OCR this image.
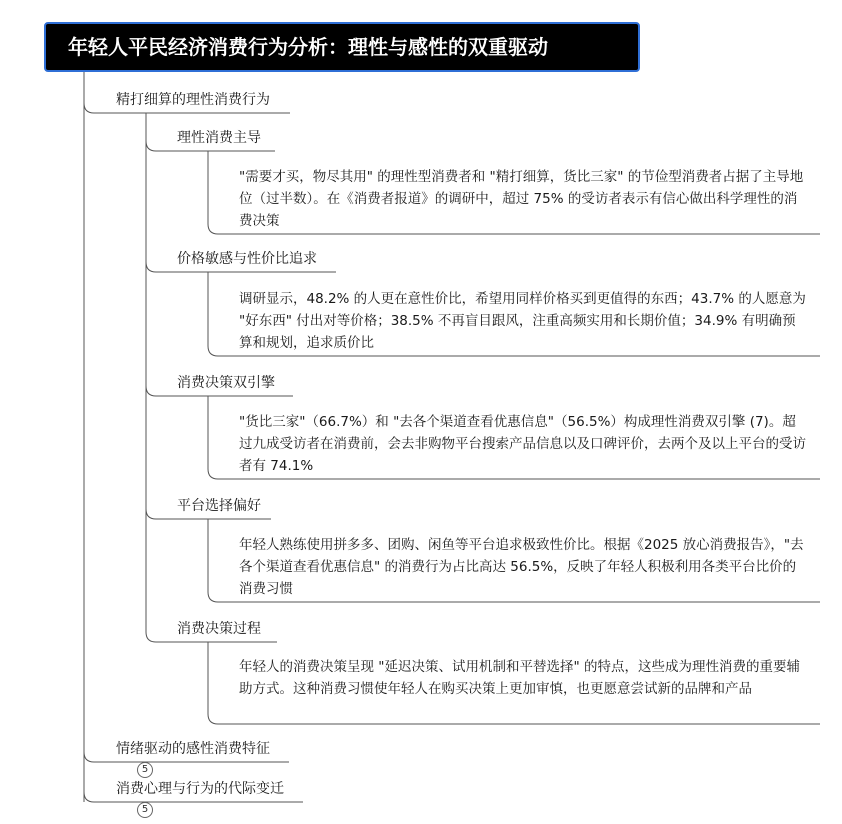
年轻人平民经济消费行为分析：理性与感性的双重驱动
精打细算的理性消费行为
理性消费主导
"需要才买，物尽其用" 的理性型消费者和 "精打细算，货比三家" 的节俭型消费者占据了主导地位（过半数）。在《消费者报道》的调研中，超过 75% 的受访者表示有信心做出科学理性的消费决策
价格敏感与性价比追求
调研显示，48.2% 的人更在意性价比，希望用同样价格买到更值得的东西；43.7% 的人愿意为 "好东西" 付出对等价格；38.5% 不再盲目跟风，注重高频实用和长期价值；34.9% 有明确预算和规划，追求质价比
消费决策双引擎
"货比三家"（66.7%）和 "去各个渠道查看优惠信息"（56.5%）构成理性消费双引擎 (7)。超过九成受访者在消费前，会去非购物平台搜索产品信息以及口碑评价，去两个及以上平台的受访者有 74.1%
平台选择偏好
年轻人熟练使用拼多多、团购、闲鱼等平台追求极致性价比。根据《2025 放心消费报告》，"去各个渠道查看优惠信息" 的消费行为占比高达 56.5%，反映了年轻人积极利用各类平台比价的消费习惯
消费决策过程
年轻人的消费决策呈现 "延迟决策、试用机制和平替选择" 的特点，这些成为理性消费的重要辅助方式。这种消费习惯使年轻人在购买决策上更加审慎，也更愿意尝试新的品牌和产品
情绪驱动的感性消费特征
5
消费心理与行为的代际变迁
5
